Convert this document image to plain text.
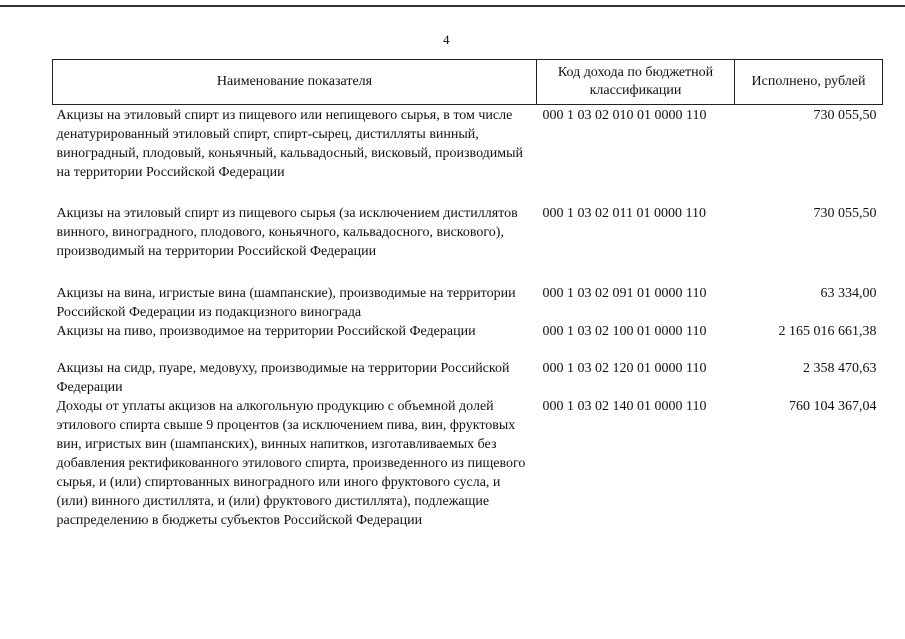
4
Наименование показателя	Код дохода по бюджетной классификации	Исполнено, рублей
Акцизы на этиловый спирт из пищевого или непищевого сырья, в том числе денатурированный этиловый спирт, спирт-сырец, дистилляты винный, виноградный, плодовый, коньячный, кальвадосный, висковый, производимый на территории Российской Федерации	000 1 03 02 010 01 0000 110	730 055,50
Акцизы на этиловый спирт из пищевого сырья (за исключением дистиллятов винного, виноградного, плодового, коньячного, кальвадосного, вискового), производимый на территории Российской Федерации	000 1 03 02 011 01 0000 110	730 055,50
Акцизы на вина, игристые вина (шампанские), производимые на территории Российской Федерации из подакцизного винограда	000 1 03 02 091 01 0000 110	63 334,00
Акцизы на пиво, производимое на территории Российской Федерации	000 1 03 02 100 01 0000 110	2 165 016 661,38
Акцизы на сидр, пуаре, медовуху, производимые на территории Российской Федерации	000 1 03 02 120 01 0000 110	2 358 470,63
Доходы от уплаты акцизов на алкогольную продукцию с объемной долей этилового спирта свыше 9 процентов (за исключением пива, вин, фруктовых вин, игристых вин (шампанских), винных напитков, изготавливаемых без добавления ректификованного этилового спирта, произведенного из пищевого сырья, и (или) спиртованных виноградного или иного фруктового сусла, и (или) винного дистиллята, и (или) фруктового дистиллята), подлежащие распределению в бюджеты субъектов Российской Федерации	000 1 03 02 140 01 0000 110	760 104 367,04
